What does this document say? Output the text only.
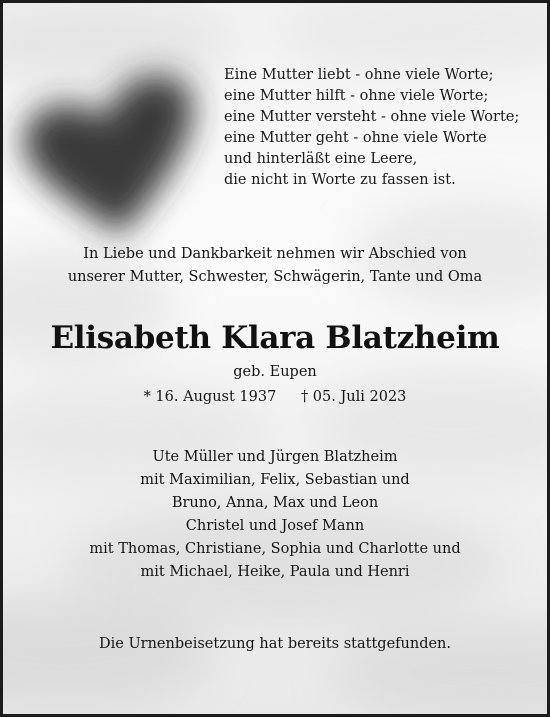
Eine Mutter liebt - ohne viele Worte;
eine Mutter hilft - ohne viele Worte;
eine Mutter versteht - ohne viele Worte;
eine Mutter geht - ohne viele Worte
und hinterläßt eine Leere,
die nicht in Worte zu fassen ist.
In Liebe und Dankbarkeit nehmen wir Abschied von
unserer Mutter, Schwester, Schwägerin, Tante und Oma
Elisabeth Klara Blatzheim
geb. Eupen
* 16. August 1937 † 05. Juli 2023
Ute Müller und Jürgen Blatzheim
mit Maximilian, Felix, Sebastian und
Bruno, Anna, Max und Leon
Christel und Josef Mann
mit Thomas, Christiane, Sophia und Charlotte und
mit Michael, Heike, Paula und Henri
Die Urnenbeisetzung hat bereits stattgefunden.
